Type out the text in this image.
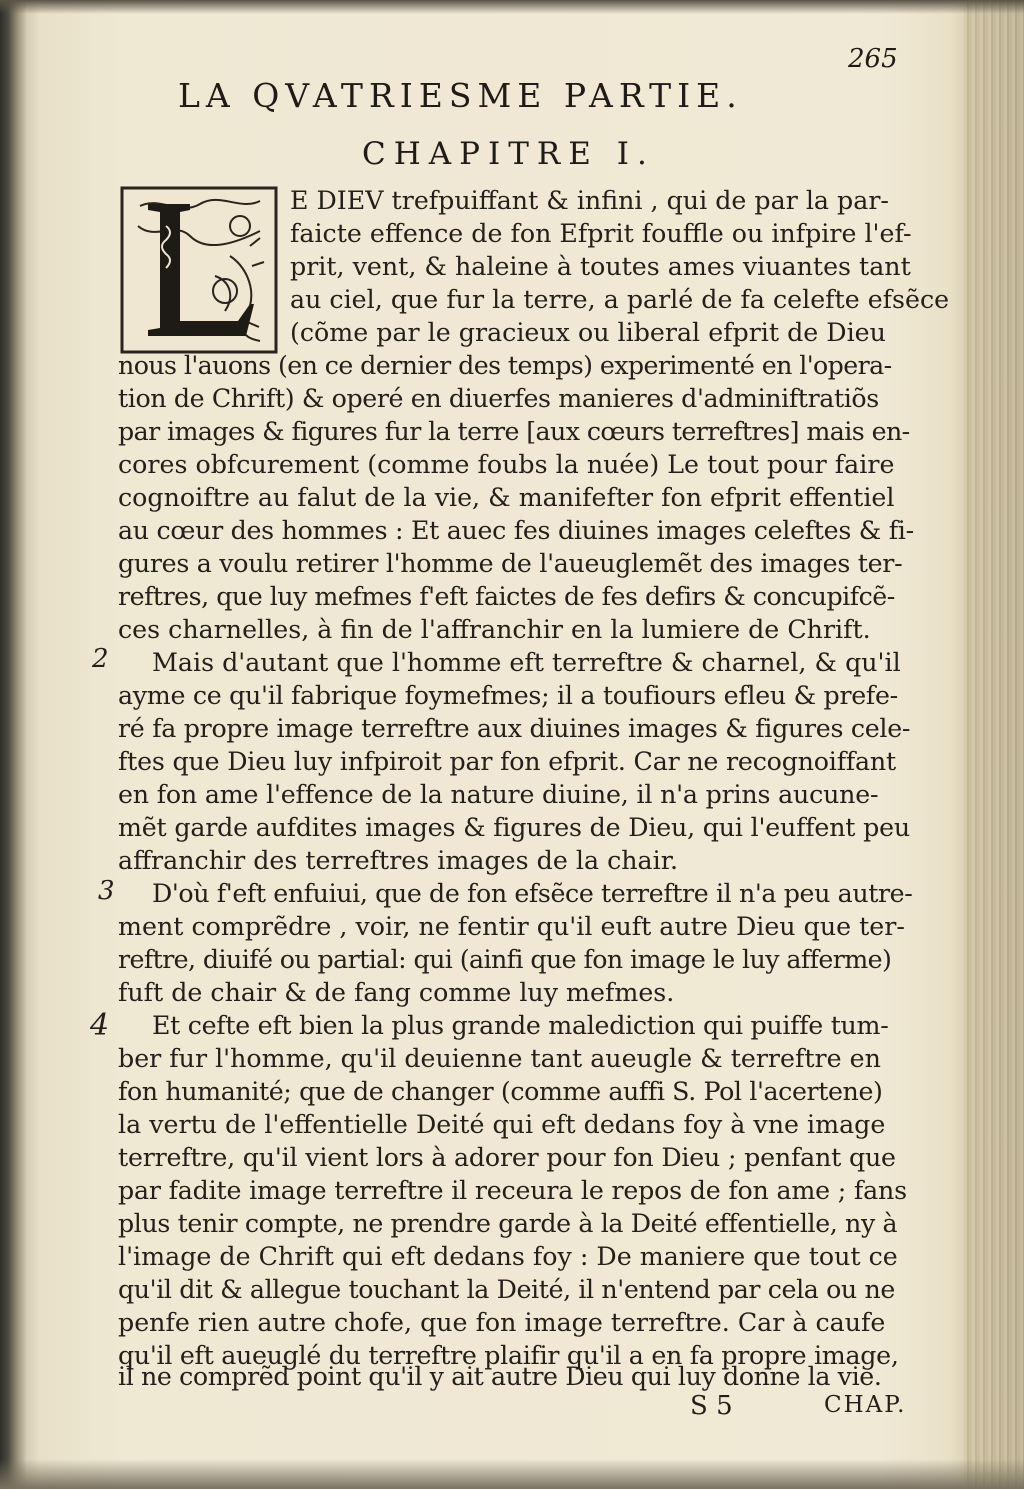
265
LA QVATRIESME PARTIE.
CHAPITRE I.
E DIEV trefpuiffant & infini , qui de par la par-
faicte effence de fon Efprit fouffle ou infpire l'ef-
prit, vent, & haleine à toutes ames viuantes tant
au ciel, que fur la terre, a parlé de fa celefte efsẽce
(cõme par le gracieux ou liberal efprit de Dieu
nous l'auons (en ce dernier des temps) experimenté en l'opera-
tion de Chrift) & operé en diuerfes manieres d'adminiftratiõs
par images & figures fur la terre [aux cœurs terreftres] mais en-
cores obfcurement (comme foubs la nuée) Le tout pour faire
cognoiftre au falut de la vie, & manifefter fon efprit effentiel
au cœur des hommes : Et auec fes diuines images celeftes & fi-
gures a voulu retirer l'homme de l'aueuglemẽt des images ter-
reftres, que luy mefmes f'eft faictes de fes defirs & concupifcẽ-
ces charnelles, à fin de l'affranchir en la lumiere de Chrift.
2 Mais d'autant que l'homme eft terreftre & charnel, & qu'il
ayme ce qu'il fabrique foymefmes; il a toufiours efleu & prefe-
ré fa propre image terreftre aux diuines images & figures cele-
ftes que Dieu luy infpiroit par fon efprit. Car ne recognoiffant
en fon ame l'effence de la nature diuine, il n'a prins aucune-
mẽt garde aufdites images & figures de Dieu, qui l'euffent peu
affranchir des terreftres images de la chair.
3 D'où f'eft enfuiui, que de fon efsẽce terreftre il n'a peu autre-
ment comprẽdre , voir, ne fentir qu'il euft autre Dieu que ter-
reftre, diuifé ou partial: qui (ainfi que fon image le luy afferme)
fuft de chair & de fang comme luy mefmes.
4 Et cefte eft bien la plus grande malediction qui puiffe tum-
ber fur l'homme, qu'il deuienne tant aueugle & terreftre en
fon humanité; que de changer (comme auffi S. Pol l'acertene)
la vertu de l'effentielle Deité qui eft dedans foy à vne image
terreftre, qu'il vient lors à adorer pour fon Dieu ; penfant que
par fadite image terreftre il receura le repos de fon ame ; fans
plus tenir compte, ne prendre garde à la Deité effentielle, ny à
l'image de Chrift qui eft dedans foy : De maniere que tout ce
qu'il dit & allegue touchant la Deité, il n'entend par cela ou ne
penfe rien autre chofe, que fon image terreftre. Car à caufe
qu'il eft aueuglé du terreftre plaifir qu'il a en fa propre image,
il ne comprẽd point qu'il y ait autre Dieu qui luy donne la vie.
S 5	CHAP.
